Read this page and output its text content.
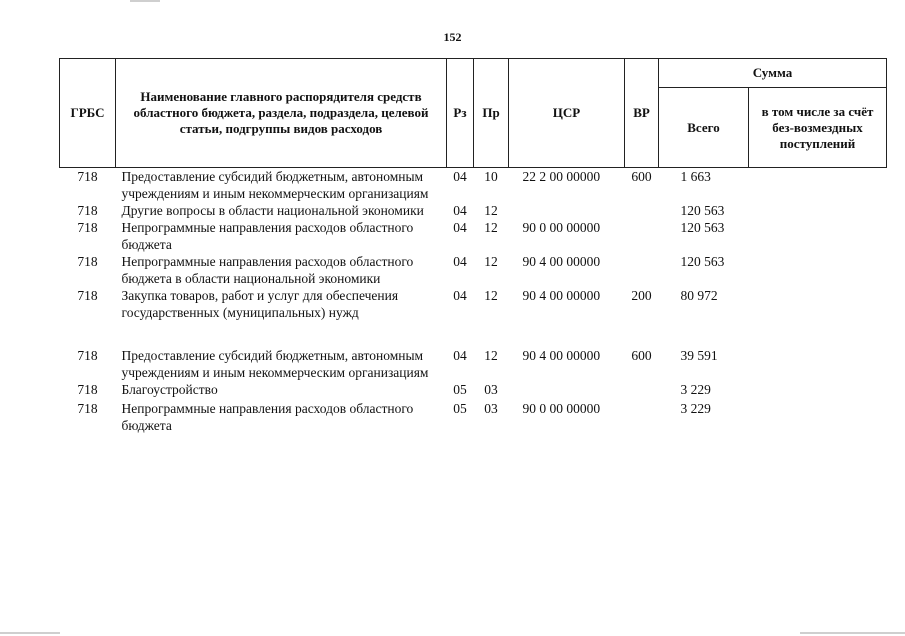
152
ГРБС	Наименование главного распорядителя средств областного бюджета, раздела, подраздела, целевой статьи, подгруппы видов расходов	Рз	Пр	ЦСР	ВР	Сумма	
						Всего	в том числе за счёт без-возмездных поступлений
718	Предоставление субсидий бюджетным, автономным учреждениям и иным некоммерческим организациям	04	10	22 2 00 00000	600	1 663	
718	Другие вопросы в области национальной экономики	04	12			120 563	
718	Непрограммные направления расходов областного бюджета	04	12	90 0 00 00000		120 563	
718	Непрограммные направления расходов областного бюджета в области национальной экономики	04	12	90 4 00 00000		120 563	
718	Закупка товаров, работ и услуг для обеспечения государственных (муниципальных) нужд	04	12	90 4 00 00000	200	80 972	
718	Предоставление субсидий бюджетным, автономным учреждениям и иным некоммерческим организациям	04	12	90 4 00 00000	600	39 591	
718	Благоустройство	05	03			3 229	
718	Непрограммные направления расходов областного бюджета	05	03	90 0 00 00000		3 229	
